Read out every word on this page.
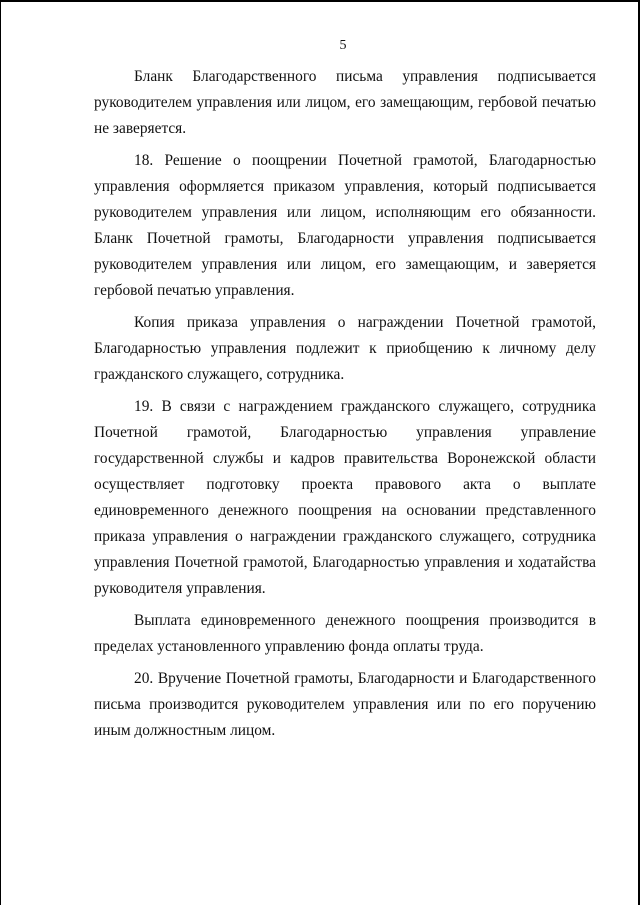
5

Бланк Благодарственного письма управления подписывается руководителем управления или лицом, его замещающим, гербовой печатью не заверяется.

18. Решение о поощрении Почетной грамотой, Благодарностью управления оформляется приказом управления, который подписывается руководителем управления или лицом, исполняющим его обязанности. Бланк Почетной грамоты, Благодарности управления подписывается руководителем управления или лицом, его замещающим, и заверяется гербовой печатью управления.

Копия приказа управления о награждении Почетной грамотой, Благодарностью управления подлежит к приобщению к личному делу гражданского служащего, сотрудника.

19. В связи с награждением гражданского служащего, сотрудника Почетной грамотой, Благодарностью управления управление государственной службы и кадров правительства Воронежской области осуществляет подготовку проекта правового акта о выплате единовременного денежного поощрения на основании представленного приказа управления о награждении гражданского служащего, сотрудника управления Почетной грамотой, Благодарностью управления и ходатайства руководителя управления.

Выплата единовременного денежного поощрения производится в пределах установленного управлению фонда оплаты труда.

20. Вручение Почетной грамоты, Благодарности и Благодарственного письма производится руководителем управления или по его поручению иным должностным лицом.
